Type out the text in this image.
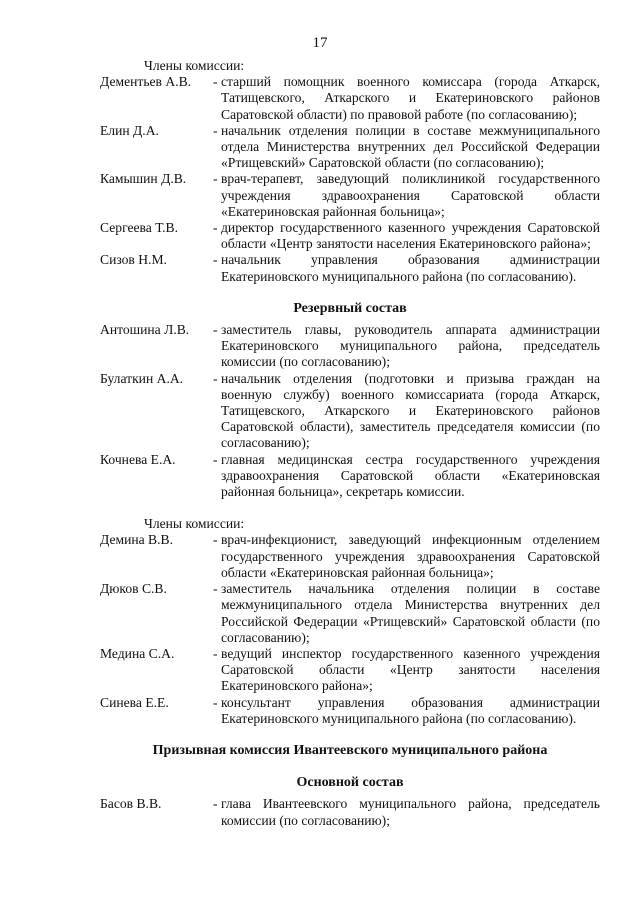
17
Члены комиссии:
Дементьев А.В.	- старший помощник военного комиссара (города Аткарск, Татищевского, Аткарского и Екатериновского районов Саратовской области) по правовой работе (по согласованию);
Елин Д.А.	- начальник отделения полиции в составе межмуниципального отдела Министерства внутренних дел Российской Федерации «Ртищевский» Саратовской области (по согласованию);
Камышин Д.В.	- врач-терапевт, заведующий поликлиникой государственного учреждения здравоохранения Саратовской области «Екатериновская районная больница»;
Сергеева Т.В.	- директор государственного казенного учреждения Саратовской области «Центр занятости населения Екатериновского района»;
Сизов Н.М.	- начальник управления образования администрации Екатериновского муниципального района (по согласованию).
Резервный состав
Антошина Л.В.	- заместитель главы, руководитель аппарата администрации Екатериновского муниципального района, председатель комиссии (по согласованию);
Булаткин А.А.	- начальник отделения (подготовки и призыва граждан на военную службу) военного комиссариата (города Аткарск, Татищевского, Аткарского и Екатериновского районов Саратовской области), заместитель председателя комиссии (по согласованию);
Кочнева Е.А.	- главная медицинская сестра государственного учреждения здравоохранения Саратовской области «Екатериновская районная больница», секретарь комиссии.
Члены комиссии:
Демина В.В.	- врач-инфекционист, заведующий инфекционным отделением государственного учреждения здравоохранения Саратовской области «Екатериновская районная больница»;
Дюков С.В.	- заместитель начальника отделения полиции в составе межмуниципального отдела Министерства внутренних дел Российской Федерации «Ртищевский» Саратовской области (по согласованию);
Медина С.А.	- ведущий инспектор государственного казенного учреждения Саратовской области «Центр занятости населения Екатериновского района»;
Синева Е.Е.	- консультант управления образования администрации Екатериновского муниципального района (по согласованию).
Призывная комиссия Ивантеевского муниципального района
Основной состав
Басов В.В.	- глава Ивантеевского муниципального района, председатель комиссии (по согласованию);
